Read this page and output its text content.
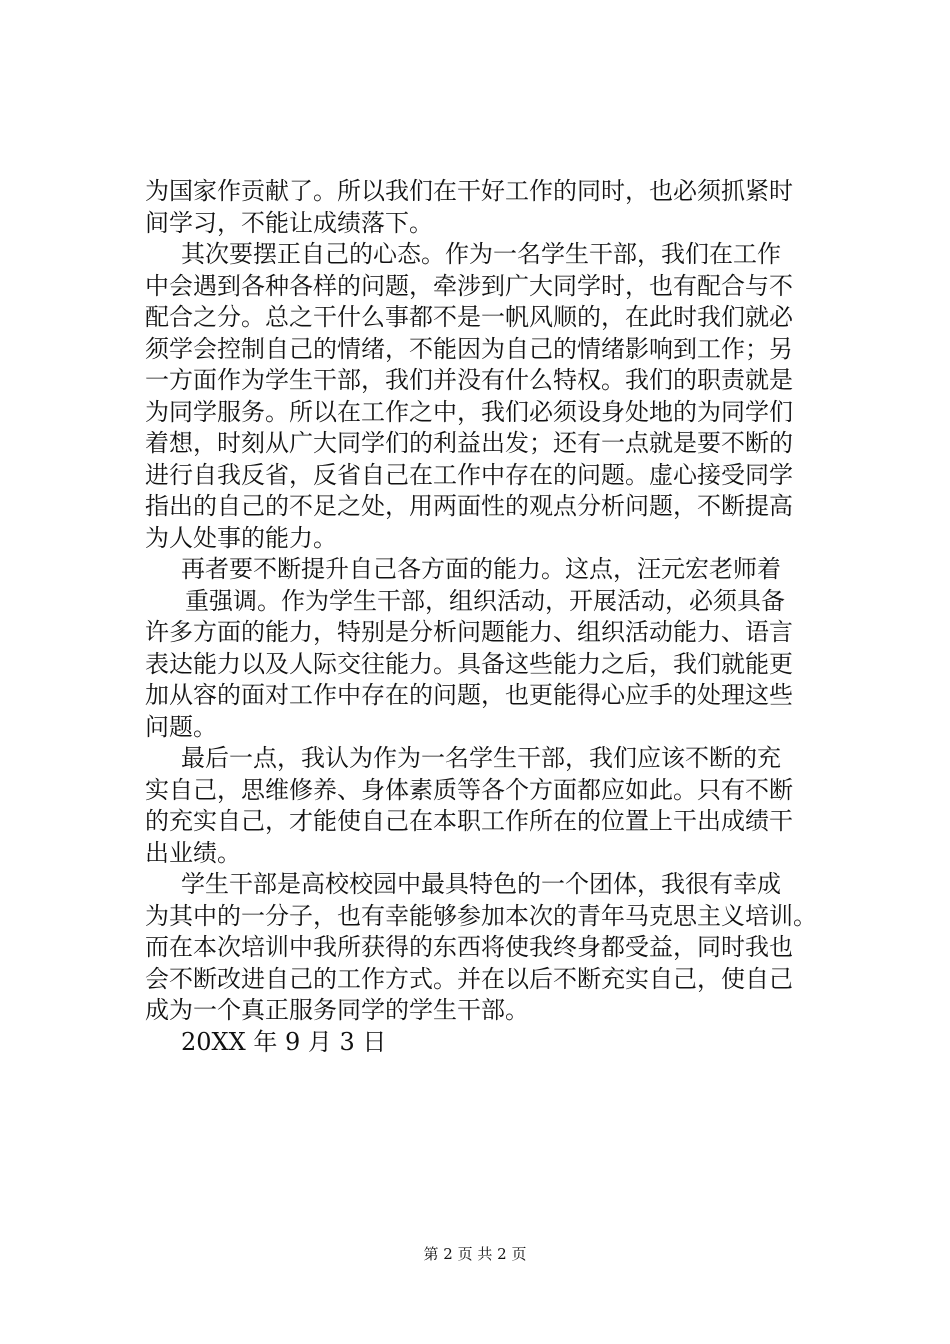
为国家作贡献了。所以我们在干好工作的同时，也必须抓紧时
间学习，不能让成绩落下。
其次要摆正自己的心态。作为一名学生干部，我们在工作
中会遇到各种各样的问题，牵涉到广大同学时，也有配合与不
配合之分。总之干什么事都不是一帆风顺的，在此时我们就必
须学会控制自己的情绪，不能因为自己的情绪影响到工作；另
一方面作为学生干部，我们并没有什么特权。我们的职责就是
为同学服务。所以在工作之中，我们必须设身处地的为同学们
着想，时刻从广大同学们的利益出发；还有一点就是要不断的
进行自我反省，反省自己在工作中存在的问题。虚心接受同学
指出的自己的不足之处，用两面性的观点分析问题，不断提高
为人处事的能力。
再者要不断提升自己各方面的能力。这点，汪元宏老师着
重强调。作为学生干部，组织活动，开展活动，必须具备
许多方面的能力，特别是分析问题能力、组织活动能力、语言
表达能力以及人际交往能力。具备这些能力之后，我们就能更
加从容的面对工作中存在的问题，也更能得心应手的处理这些
问题。
最后一点，我认为作为一名学生干部，我们应该不断的充
实自己，思维修养、身体素质等各个方面都应如此。只有不断
的充实自己，才能使自己在本职工作所在的位置上干出成绩干
出业绩。
学生干部是高校校园中最具特色的一个团体，我很有幸成
为其中的一分子，也有幸能够参加本次的青年马克思主义培训。
而在本次培训中我所获得的东西将使我终身都受益，同时我也
会不断改进自己的工作方式。并在以后不断充实自己，使自己
成为一个真正服务同学的学生干部。
20XX 年 9 月 3 日
第 2 页 共 2 页
